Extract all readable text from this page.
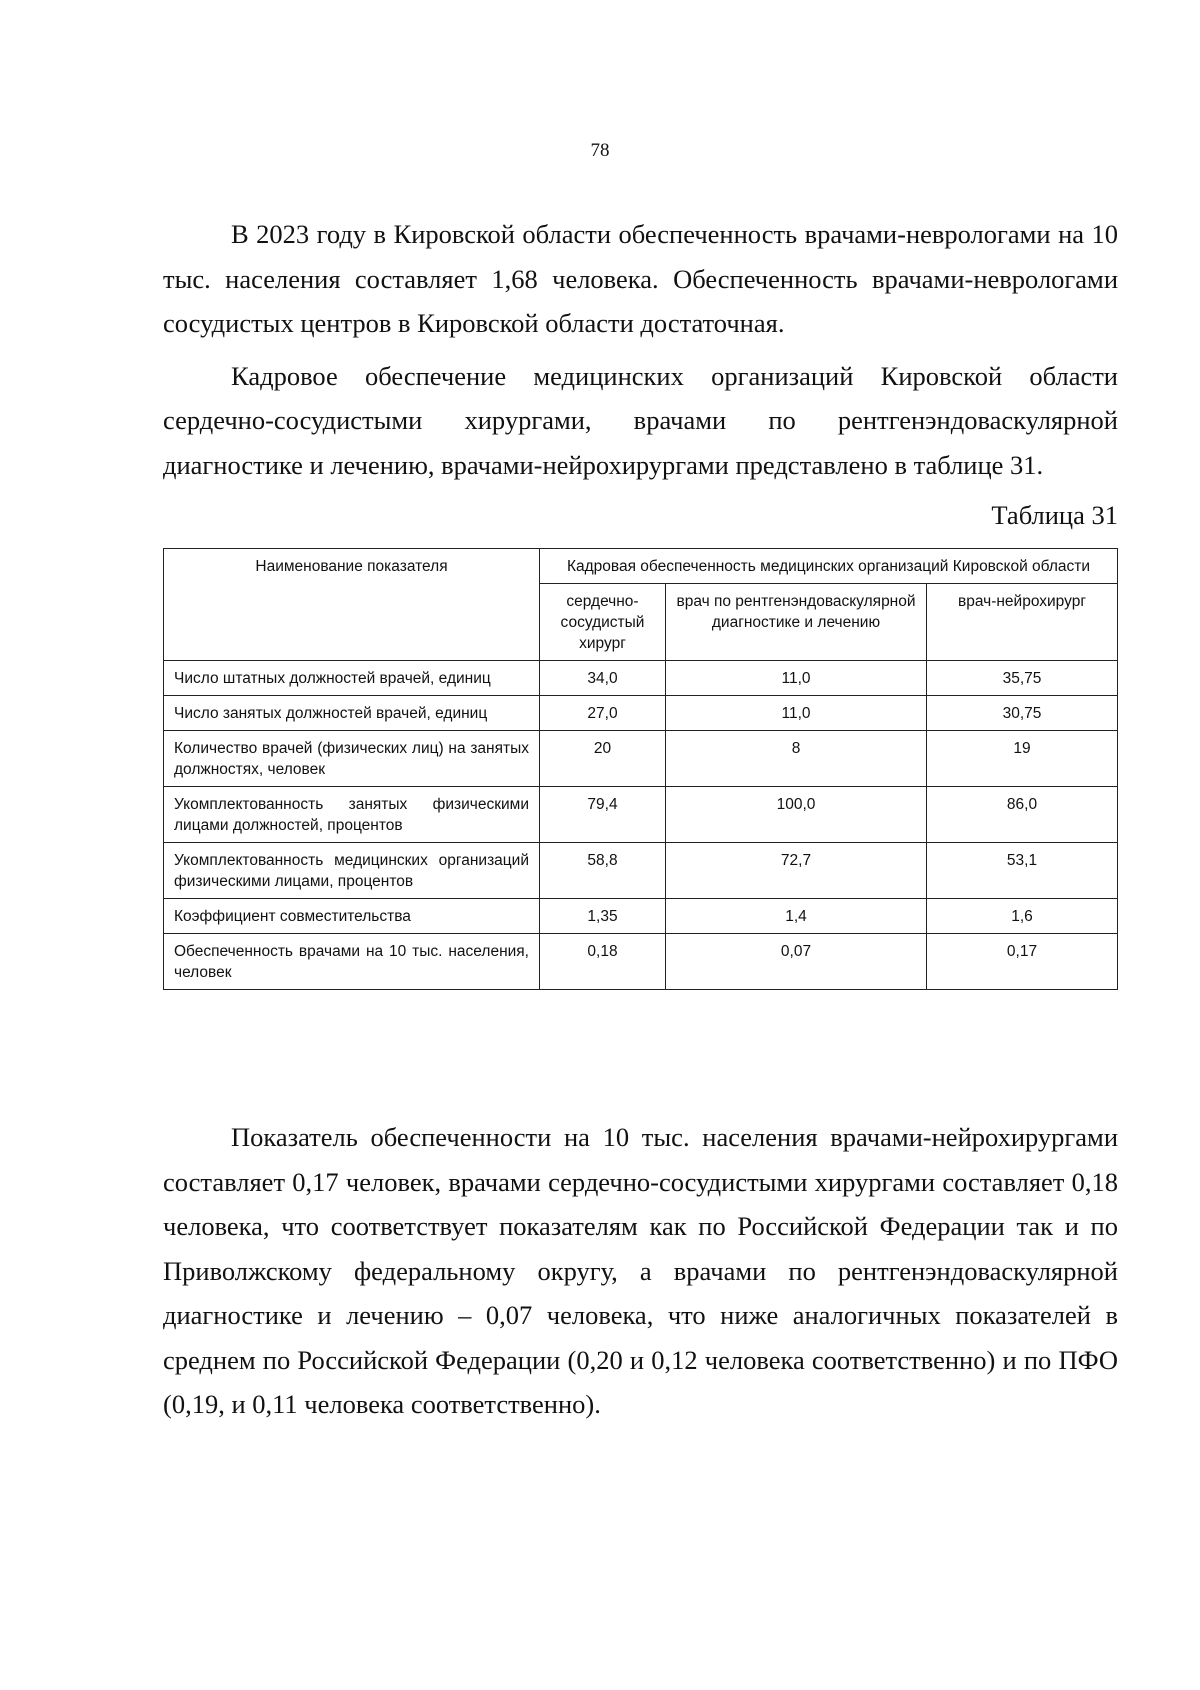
78

В 2023 году в Кировской области обеспеченность врачами-неврологами на 10 тыс. населения составляет 1,68 человека. Обеспеченность врачами-неврологами сосудистых центров в Кировской области достаточная.

Кадровое обеспечение медицинских организаций Кировской области сердечно-сосудистыми хирургами, врачами по рентгенэндоваскулярной диагностике и лечению, врачами-нейрохирургами представлено в таблице 31.

Таблица 31
Наименование показателя	Кадровая обеспеченность медицинских организаций Кировской области		
	сердечно-сосудистый хирург	врач по рентгенэндоваскулярной диагностике и лечению	врач-нейрохирург
Число штатных должностей врачей, единиц	34,0	11,0	35,75
Число занятых должностей врачей, единиц	27,0	11,0	30,75
Количество врачей (физических лиц) на занятых должностях, человек	20	8	19
Укомплектованность занятых физическими лицами должностей, процентов	79,4	100,0	86,0
Укомплектованность медицинских организаций физическими лицами, процентов	58,8	72,7	53,1
Коэффициент совместительства	1,35	1,4	1,6
Обеспеченность врачами на 10 тыс. населения, человек	0,18	0,07	0,17

Показатель обеспеченности на 10 тыс. населения врачами-нейрохирургами составляет 0,17 человек, врачами сердечно-сосудистыми хирургами составляет 0,18 человека, что соответствует показателям как по Российской Федерации так и по Приволжскому федеральному округу, а врачами по рентгенэндоваскулярной диагностике и лечению – 0,07 человека, что ниже аналогичных показателей в среднем по Российской Федерации (0,20 и 0,12 человека соответственно) и по ПФО (0,19, и 0,11 человека соответственно).
